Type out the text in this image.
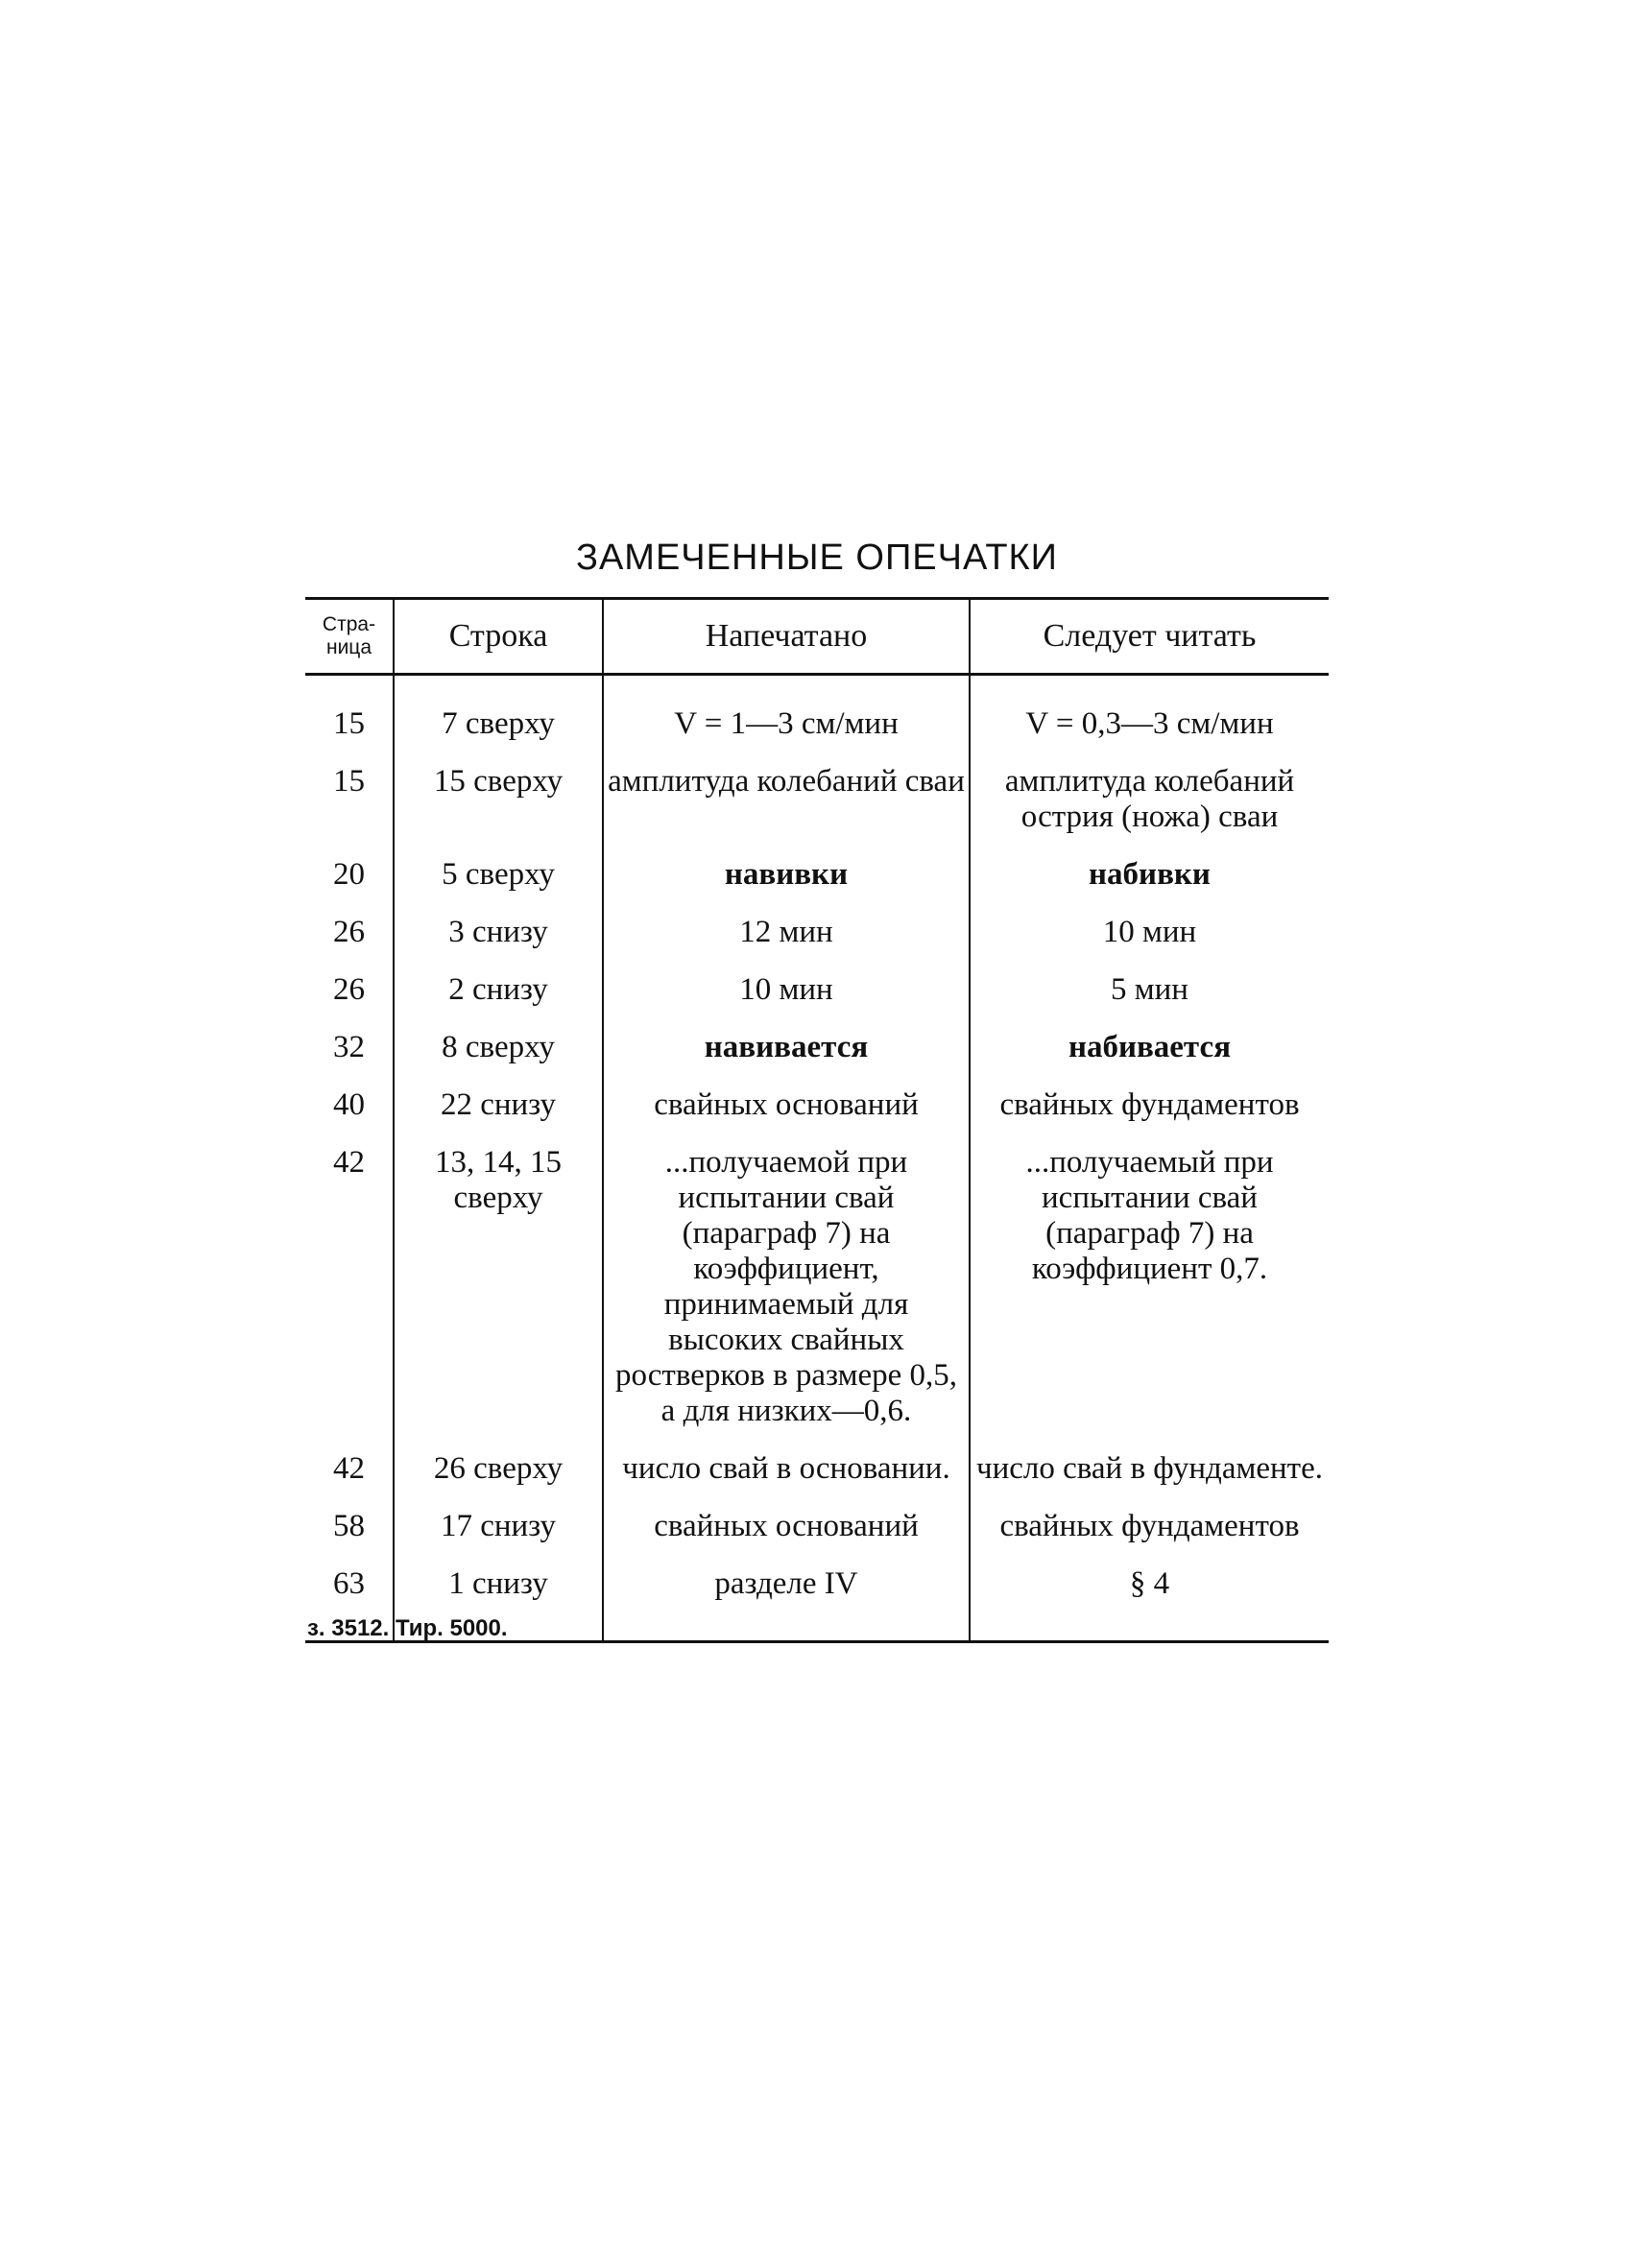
ЗАМЕЧЕННЫЕ ОПЕЧАТКИ
Стра-ница	Строка	Напечатано	Следует читать
15	7 сверху	V = 1—3 см/мин	V = 0,3—3 см/мин
15	15 сверху	амплитуда колебаний сваи	амплитуда колебаний острия (ножа) сваи
20	5 сверху	навивки	набивки
26	3 снизу	12 мин	10 мин
26	2 снизу	10 мин	5 мин
32	8 сверху	навивается	набивается
40	22 снизу	свайных оснований	свайных фундаментов
42	13, 14, 15 сверху	...получаемой при испытании свай (параграф 7) на коэффициент, принимаемый для высоких свайных ростверков в размере 0,5, а для низких—0,6.	...получаемый при испытании свай (параграф 7) на коэффициент 0,7.
42	26 сверху	число свай в основании.	число свай в фундаменте.
58	17 снизу	свайных оснований	свайных фундаментов
63	1 снизу	разделе IV	§ 4
з. 3512. Тир. 5000.
